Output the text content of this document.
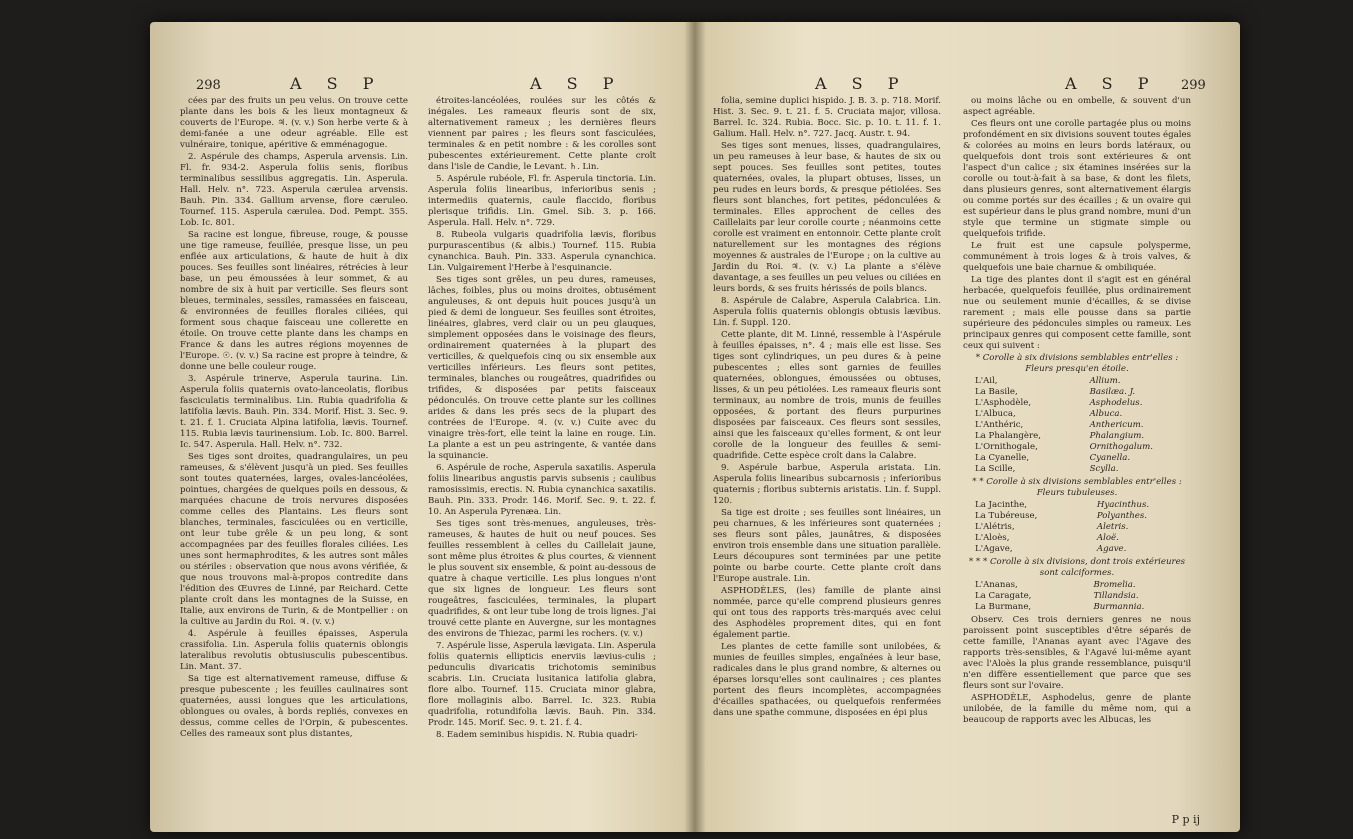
298	A S P	A S P

cées par des fruits un peu velus. On trouve cette plante dans les bois & les lieux montagneux & couverts de l'Europe. ♃. (v. v.) Son herbe verte & à demi-fanée a une odeur agréable. Elle est vulnéraire, tonique, apéritive & emménagogue.

2. Aspérule des champs, Asperula arvensis. Lin. Fl. fr. 934-2. Asperula foliis senis, floribus terminalibus sessilibus aggregatis. Lin. Asperula. Hall. Helv. n°. 723. Asperula cærulea arvensis. Bauh. Pin. 334. Gallium arvense, flore cæruleo. Tournef. 115. Asperula cærulea. Dod. Pempt. 355. Lob. Ic. 801.

Sa racine est longue, fibreuse, rouge, & pousse une tige rameuse, feuillée, presque lisse, un peu enflée aux articulations, & haute de huit à dix pouces. Ses feuilles sont linéaires, rétrécies à leur base, un peu émoussées à leur sommet, & au nombre de six à huit par verticille. Ses fleurs sont bleues, terminales, sessiles, ramassées en faisceau, & environnées de feuilles florales ciliées, qui forment sous chaque faisceau une collerette en étoile. On trouve cette plante dans les champs en France & dans les autres régions moyennes de l'Europe. ☉. (v. v.) Sa racine est propre à teindre, & donne une belle couleur rouge.

3. Aspérule trinerve, Asperula taurina. Lin. Asperula foliis quaternis ovato-lanceolatis, floribus fasciculatis terminalibus. Lin. Rubia quadrifolia & latifolia lævis. Bauh. Pin. 334. Morif. Hist. 3. Sec. 9. t. 21. f. 1. Cruciata Alpina latifolia, lævis. Tournef. 115. Rubia lævis taurinensium. Lob. Ic. 800. Barrel. Ic. 547. Asperula. Hall. Helv. n°. 732.

Ses tiges sont droites, quadrangulaires, un peu rameuses, & s'élèvent jusqu'à un pied. Ses feuilles sont toutes quaternées, larges, ovales-lancéolées, pointues, chargées de quelques poils en dessous, & marquées chacune de trois nervures disposées comme celles des Plantains. Les fleurs sont blanches, terminales, fasciculées ou en verticille, ont leur tube grêle & un peu long, & sont accompagnées par des feuilles florales ciliées. Les unes sont hermaphrodites, & les autres sont mâles ou stériles : observation que nous avons vérifiée, & que nous trouvons mal-à-propos contredite dans l'édition des Œuvres de Linné, par Reichard. Cette plante croît dans les montagnes de la Suisse, en Italie, aux environs de Turin, & de Montpellier : on la cultive au Jardin du Roi. ♃. (v. v.)

4. Aspérule à feuilles épaisses, Asperula crassifolia. Lin. Asperula foliis quaternis oblongis lateralibus revolutis obtusiusculis pubescentibus. Lin. Mant. 37.

Sa tige est alternativement rameuse, diffuse & presque pubescente ; les feuilles caulinaires sont quaternées, aussi longues que les articulations, oblongues ou ovales, à bords repliés, convexes en dessus, comme celles de l'Orpin, & pubescentes. Celles des rameaux sont plus distantes,

étroites-lancéolées, roulées sur les côtés & inégales. Les rameaux fleuris sont de six, alternativement rameux ; les dernières fleurs viennent par paires ; les fleurs sont fasciculées, terminales & en petit nombre : & les corolles sont pubescentes extérieurement. Cette plante croît dans l'isle de Candie, le Levant. ♄. Lin.

5. Aspérule rubéole, Fl. fr. Asperula tinctoria. Lin. Asperula foliis linearibus, inferioribus senis ; intermediis quaternis, caule flaccido, floribus plerisque trifidis. Lin. Gmel. Sib. 3. p. 166. Asperula. Hall. Helv. n°. 729.

8. Rubeola vulgaris quadrifolia lævis, floribus purpurascentibus (& albis.) Tournef. 115. Rubia cynanchica. Bauh. Pin. 333. Asperula cynanchica. Lin. Vulgairement l'Herbe à l'esquinancie.

Ses tiges sont grêles, un peu dures, rameuses, lâches, foibles, plus ou moins droites, obtusément anguleuses, & ont depuis huit pouces jusqu'à un pied & demi de longueur. Ses feuilles sont étroites, linéaires, glabres, verd clair ou un peu glauques, simplement opposées dans le voisinage des fleurs, ordinairement quaternées à la plupart des verticilles, & quelquefois cinq ou six ensemble aux verticilles inférieurs. Les fleurs sont petites, terminales, blanches ou rougeâtres, quadrifides ou trifides, & disposées par petits faisceaux pédonculés. On trouve cette plante sur les collines arides & dans les prés secs de la plupart des contrées de l'Europe. ♃. (v. v.) Cuite avec du vinaigre très-fort, elle teint la laine en rouge. Lin. La plante a est un peu astringente, & vantée dans la squinancie.

6. Aspérule de roche, Asperula saxatilis. Asperula foliis linearibus angustis parvis subsenis ; caulibus ramosissimis, erectis. N. Rubia cynanchica saxatilis. Bauh. Pin. 333. Prodr. 146. Morif. Sec. 9. t. 22. f. 10. An Asperula Pyrenæa. Lin.

Ses tiges sont très-menues, anguleuses, très-rameuses, & hautes de huit ou neuf pouces. Ses feuilles ressemblent à celles du Caillelait jaune, sont même plus étroites & plus courtes, & viennent le plus souvent six ensemble, & point au-dessous de quatre à chaque verticille. Les plus longues n'ont que six lignes de longueur. Les fleurs sont rougeâtres, fasciculées, terminales, la plupart quadrifides, & ont leur tube long de trois lignes. J'ai trouvé cette plante en Auvergne, sur les montagnes des environs de Thiezac, parmi les rochers. (v. v.)

7. Aspérule lisse, Asperula lævigata. Lin. Asperula foliis quaternis ellipticis enerviis lævius-culis ; pedunculis divaricatis trichotomis seminibus scabris. Lin. Cruciata lusitanica latifolia glabra, flore albo. Tournef. 115. Cruciata minor glabra, flore mollaginis albo. Barrel. Ic. 323. Rubia quadrifolia, rotundifolia lævis. Bauh. Pin. 334. Prodr. 145. Morif. Sec. 9. t. 21. f. 4.

8. Eadem seminibus hispidis. N. Rubia quadri-

A S P	A S P 299

folia, semine duplici hispido. J. B. 3. p. 718. Morif. Hist. 3. Sec. 9. t. 21. f. 5. Cruciata major, villosa. Barrel. Ic. 324. Rubia. Bocc. Sic. p. 10. t. 11. f. 1. Galium. Hall. Helv. n°. 727. Jacq. Austr. t. 94.

Ses tiges sont menues, lisses, quadrangulaires, un peu rameuses à leur base, & hautes de six ou sept pouces. Ses feuilles sont petites, toutes quaternées, ovales, la plupart obtuses, lisses, un peu rudes en leurs bords, & presque pétiolées. Ses fleurs sont blanches, fort petites, pédonculées & terminales. Elles approchent de celles des Caillelaits par leur corolle courte ; néanmoins cette corolle est vraiment en entonnoir. Cette plante croît naturellement sur les montagnes des régions moyennes & australes de l'Europe ; on la cultive au Jardin du Roi. ♃. (v. v.) La plante a s'élève davantage, a ses feuilles un peu velues ou ciliées en leurs bords, & ses fruits hérissés de poils blancs.

8. Aspérule de Calabre, Asperula Calabrica. Lin. Asperula foliis quaternis oblongis obtusis lævibus. Lin. f. Suppl. 120.

Cette plante, dit M. Linné, ressemble à l'Aspérule à feuilles épaisses, n°. 4 ; mais elle est lisse. Ses tiges sont cylindriques, un peu dures & à peine pubescentes ; elles sont garnies de feuilles quaternées, oblongues, émoussées ou obtuses, lisses, & un peu pétiolées. Les rameaux fleuris sont terminaux, au nombre de trois, munis de feuilles opposées, & portant des fleurs purpurines disposées par faisceaux. Ces fleurs sont sessiles, ainsi que les faisceaux qu'elles forment, & ont leur corolle de la longueur des feuilles & semi-quadrifide. Cette espèce croît dans la Calabre.

9. Aspérule barbue, Asperula aristata. Lin. Asperula foliis linearibus subcarnosis ; inferioribus quaternis ; floribus subternis aristatis. Lin. f. Suppl. 120.

Sa tige est droite ; ses feuilles sont linéaires, un peu charnues, & les inférieures sont quaternées ; ses fleurs sont pâles, jaunâtres, & disposées environ trois ensemble dans une situation parallèle. Leurs découpures sont terminées par une petite pointe ou barbe courte. Cette plante croît dans l'Europe australe. Lin.

ASPHODÈLES, (les) famille de plante ainsi nommée, parce qu'elle comprend plusieurs genres qui ont tous des rapports très-marqués avec celui des Asphodèles proprement dites, qui en font également partie.

Les plantes de cette famille sont unilobées, & munies de feuilles simples, engaînées à leur base, radicales dans le plus grand nombre, & alternes ou éparses lorsqu'elles sont caulinaires ; ces plantes portent des fleurs incomplètes, accompagnées d'écailles spathacées, ou quelquefois renfermées dans une spathe commune, disposées en épi plus

ou moins lâche ou en ombelle, & souvent d'un aspect agréable.

Ces fleurs ont une corolle partagée plus ou moins profondément en six divisions souvent toutes égales & colorées au moins en leurs bords latéraux, ou quelquefois dont trois sont extérieures & ont l'aspect d'un calice ; six étamines insérées sur la corolle ou tout-à-fait à sa base, & dont les filets, dans plusieurs genres, sont alternativement élargis ou comme portés sur des écailles ; & un ovaire qui est supérieur dans le plus grand nombre, muni d'un style que termine un stigmate simple ou quelquefois trifide.

Le fruit est une capsule polysperme, communément à trois loges & à trois valves, & quelquefois une baie charnue & ombiliquée.

La tige des plantes dont il s'agit est en général herbacée, quelquefois feuillée, plus ordinairement nue ou seulement munie d'écailles, & se divise rarement ; mais elle pousse dans sa partie supérieure des pédoncules simples ou rameux. Les principaux genres qui composent cette famille, sont ceux qui suivent :

* Corolle à six divisions semblables entr'elles : Fleurs presqu'en étoile.

L'Ail,	Allium.
La Basile,	Basilæa. J.
L'Asphodèle,	Asphodelus.
L'Albuca,	Albuca.
L'Anthéric,	Anthericum.
La Phalangère,	Phalangium.
L'Ornithogale,	Ornithogalum.
La Cyanelle,	Cyanella.
La Scille,	Scylla.

* * Corolle à six divisions semblables entr'elles : Fleurs tubuleuses.

La Jacinthe,	Hyacinthus.
La Tubéreuse,	Polyanthes.
L'Alétris,	Aletris.
L'Aloès,	Aloë.
L'Agave,	Agave.

* * * Corolle à six divisions, dont trois extérieures sont calciformes.

L'Ananas,	Bromelia.
La Caragate,	Tillandsia.
La Burmane,	Burmannia.

Observ. Ces trois derniers genres ne nous paroissent point susceptibles d'être séparés de cette famille, l'Ananas ayant avec l'Agave des rapports très-sensibles, & l'Agavé lui-même ayant avec l'Aloès la plus grande ressemblance, puisqu'il n'en diffère essentiellement que parce que ses fleurs sont sur l'ovaire.

ASPHODÈLE, Asphodelus, genre de plante unilobée, de la famille du même nom, qui a beaucoup de rapports avec les Albucas, les

P p ij
